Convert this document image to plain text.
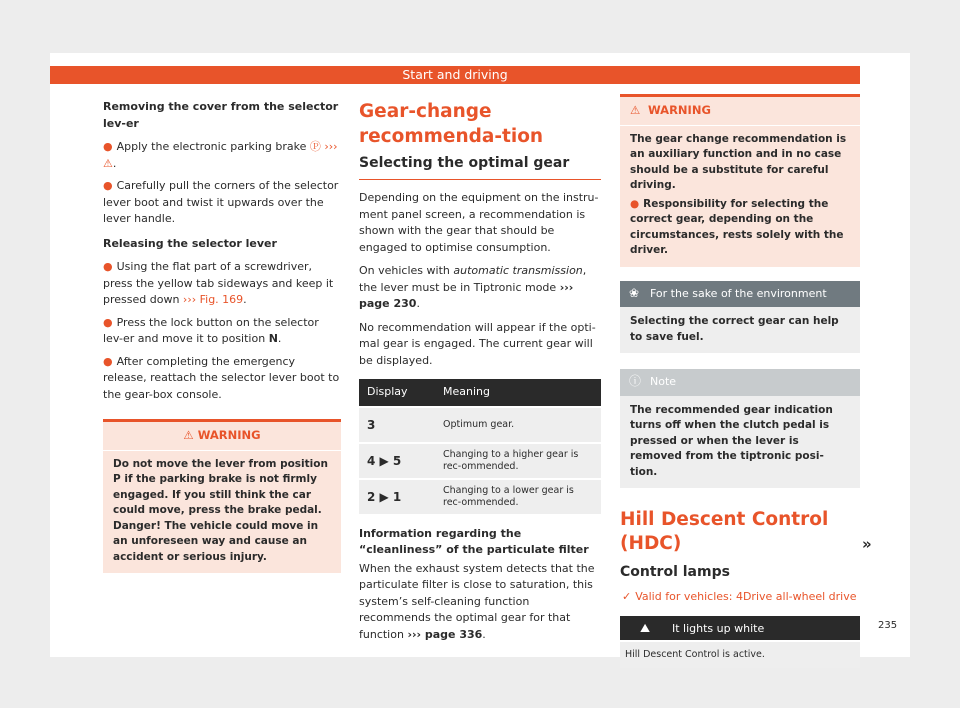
Start and driving

Removing the cover from the selector lev-er

● Apply the electronic parking brake Ⓟ ››› ⚠.

● Carefully pull the corners of the selector lever boot and twist it upwards over the lever handle.

Releasing the selector lever

● Using the flat part of a screwdriver, press the yellow tab sideways and keep it pressed down ››› Fig. 169.

● Press the lock button on the selector lev-er and move it to position N.

● After completing the emergency release, reattach the selector lever boot to the gear-box console.

⚠ WARNING
Do not move the lever from position P if the parking brake is not firmly engaged. If you still think the car could move, press the brake pedal. Danger! The vehicle could move in an unforeseen way and cause an accident or serious injury.
Gear-change recommenda-tion
Selecting the optimal gear

Depending on the equipment on the instru-ment panel screen, a recommendation is shown with the gear that should be engaged to optimise consumption.

On vehicles with automatic transmission, the lever must be in Tiptronic mode ››› page 230.

No recommendation will appear if the opti-mal gear is engaged. The current gear will be displayed.

Display	Meaning
3	Optimum gear.
4 ▶ 5	Changing to a higher gear is rec-ommended.
2 ▶ 1	Changing to a lower gear is rec-ommended.

Information regarding the “cleanliness” of the particulate filter

When the exhaust system detects that the particulate filter is close to saturation, this system’s self-cleaning function recommends the optimal gear for that function ››› page 336.

⚠ WARNING
The gear change recommendation is an auxiliary function and in no case should be a substitute for careful driving.
● Responsibility for selecting the correct gear, depending on the circumstances, rests solely with the driver.
❀ For the sake of the environment
Selecting the correct gear can help to save fuel.
ⓘ Note
The recommended gear indication turns off when the clutch pedal is pressed or when the lever is removed from the tiptronic posi-tion.
Hill Descent Control (HDC)
Control lamps
✓ Valid for vehicles: 4Drive all-wheel drive
⛰ It lights up white
Hill Descent Control is active.
»
235
